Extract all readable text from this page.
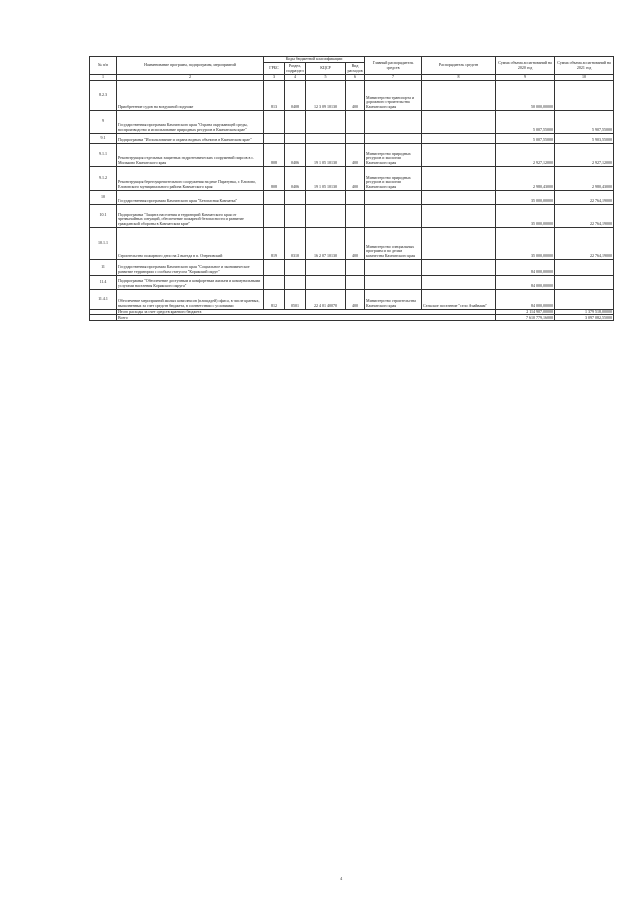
№ п/п	Наименование программ, подпрограмм, мероприятий	Коды бюджетной классификации				Главный распорядитель средств	Распорядитель средств	Сумма объема ассигнований на 2020 год	Сумма объема ассигнований на 2021 год
		ГРБС	Раздел, подраздел	КЦСР	Вид расходов				
1	2	3	4	5	6	7	8	9	10
8.2.3	Приобретение судов на воздушной подушке	813	0408	12 3 09 10130	400	Министерство транспорта и дорожного строительства Камчатского края		50 000,00000	
9	Государственная программа Камчатского края "Охрана окружающей среды, воспроизводство и использование природных ресурсов в Камчатском крае"							5 007,55000	5 907,55000
9.1	Подпрограмма "Использование и охрана водных объектов в Камчатском крае"							5 007,55000	5 903,55000
9.1.1	Реконструкция отдельных защитных гидротехнических сооружений пирсов в с. Мильково Камчатского края	808	0406	19 1 05 10130	400	Министерство природных ресурсов и экологии Камчатского края		2 927,12000	2 927,12000
9.1.2	Реконструкция берегоукрепительного сооружения на реке Паратунка, г. Елизово, Елизовского муниципального района Камчатского края	808	0406	19 1 05 10130	400	Министерство природных ресурсов и экологии Камчатского края		2 980,43000	2 980,43000
10	Государственная программа Камчатского края "Безопасная Камчатка"							35 000,00000	22 764,19000
10.1	Подпрограмма "Защита населения и территорий Камчатского края от чрезвычайных ситуаций, обеспечение пожарной безопасности и развитие гражданской обороны в Камчатском крае"							35 000,00000	22 764,19000
10.1.1	Строительство пожарного депо на 2 выезда в п. Озерновский	819	0310	16 2 07 10130	400	Министерство специальных программ и по делам казачества Камчатского края		35 000,00000	22 764,19000
11	Государственная программа Камчатского края "Социальное и экономическое развитие территории с особым статусом "Корякский округ"							84 000,00000	
11.4	Подпрограмма "Обеспечение доступным и комфортным жильем и коммунальными услугами населения Корякского округа"							84 000,00000	
11.4.1	Обеспечение мероприятий жилых комплексов (площадей) офиса, в числе краевых, выполненных за счет средств бюджета, в соответствии с условиями	812	0501	22 4 01 40070	400	Министерство строительства Камчатского края	Сельское поселение "село Ачайваям"	84 000,00000	
	Итого расходы за счет средств краевого бюджета							2 114 907,00000	1 379 518,00000
	Всего							7 610 779,16000	3 097 082,55000
4
